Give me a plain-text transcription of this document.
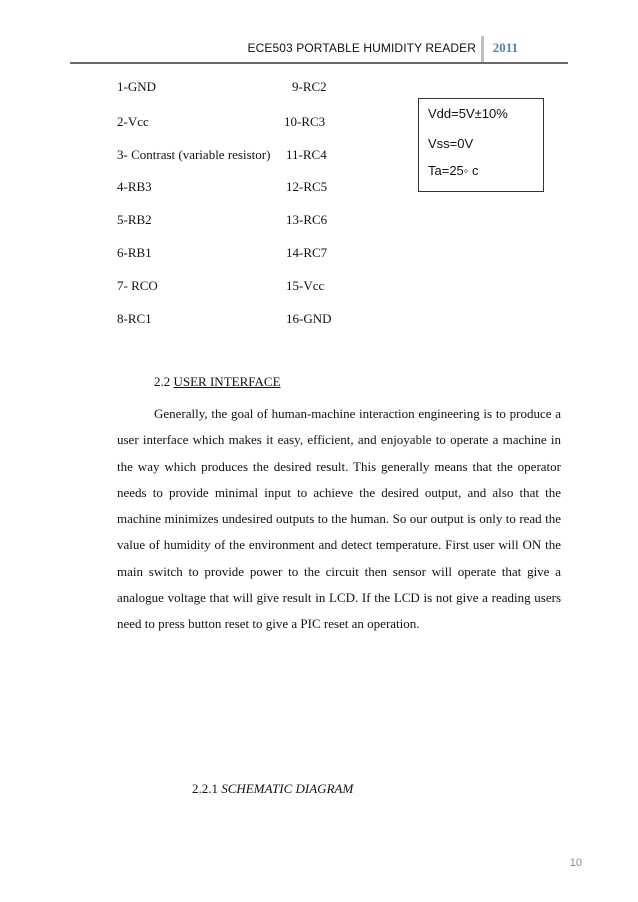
ECE503 PORTABLE HUMIDITY READER 2011
1-GND
2-Vcc
3- Contrast (variable resistor)
4-RB3
5-RB2
6-RB1
7- RCO
8-RC1
9-RC2
10-RC3
11-RC4
12-RC5
13-RC6
14-RC7
15-Vcc
16-GND
Vdd=5V±10%
Vss=0V
Ta=25◦ c
2.2 USER INTERFACE
Generally, the goal of human-machine interaction engineering is to produce a user interface which makes it easy, efficient, and enjoyable to operate a machine in the way which produces the desired result. This generally means that the operator needs to provide minimal input to achieve the desired output, and also that the machine minimizes undesired outputs to the human. So our output is only to read the value of humidity of the environment and detect temperature. First user will ON the main switch to provide power to the circuit then sensor will operate that give a analogue voltage that will give result in LCD. If the LCD is not give a reading users need to press button reset to give a PIC reset an operation.
2.2.1 SCHEMATIC DIAGRAM
10
